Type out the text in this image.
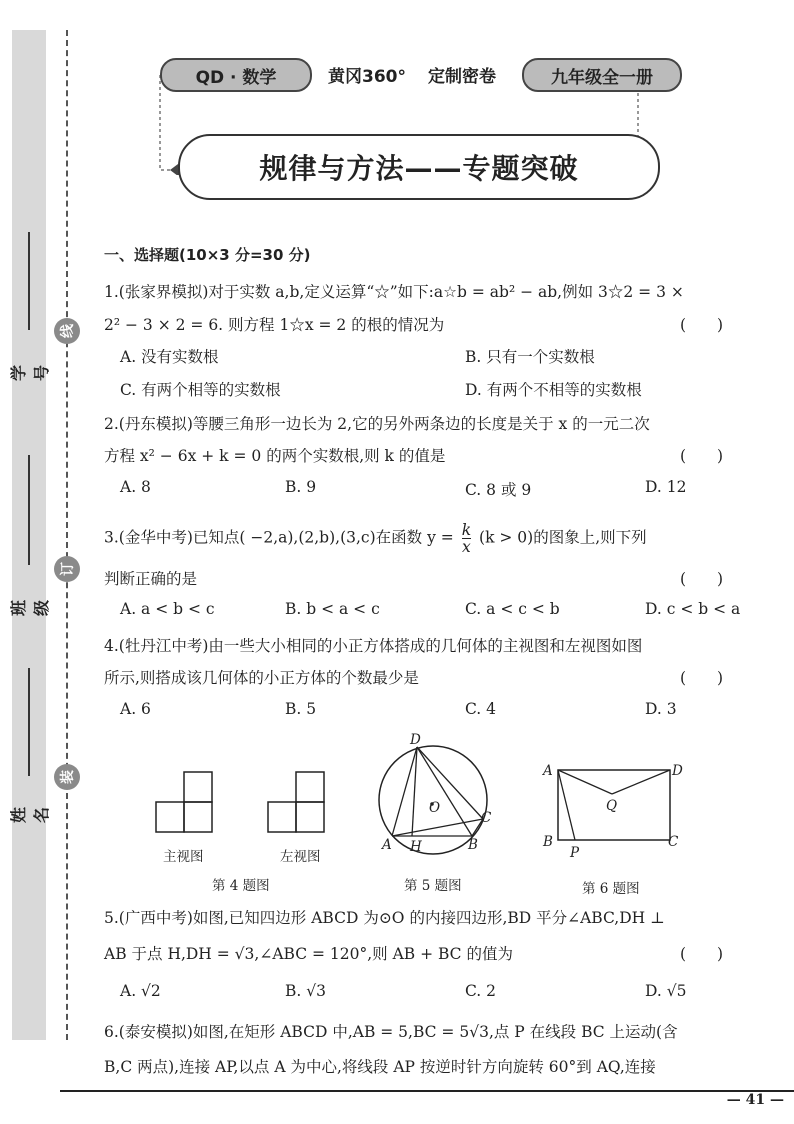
学号
班级
姓名
线
订
装
QD · 数学	黄冈360° 定制密卷	九年级全一册
规律与方法——专题突破
一、选择题(10×3 分=30 分)
1.(张家界模拟)对于实数 a,b,定义运算“☆”如下:a☆b = ab² − ab,例如 3☆2 = 3 ×
2² − 3 × 2 = 6. 则方程 1☆x = 2 的根的情况为	(　　)
A. 没有实数根	B. 只有一个实数根
C. 有两个相等的实数根	D. 有两个不相等的实数根
2.(丹东模拟)等腰三角形一边长为 2,它的另外两条边的长度是关于 x 的一元二次
方程 x² − 6x + k = 0 的两个实数根,则 k 的值是	(　　)
A. 8	B. 9	C. 8 或 9	D. 12
3.(金华中考)已知点( −2,a),(2,b),(3,c)在函数 $y = \frac{k}{x} (k > 0)$的图象上,则下列
判断正确的是	(　　)
A. a < b < c	B. b < a < c	C. a < c < b	D. c < b < a
4.(牡丹江中考)由一些大小相同的小正方体搭成的几何体的主视图和左视图如图
所示,则搭成该几何体的小正方体的个数最少是	(　　)
A. 6	B. 5	C. 4	D. 3
主视图	左视图
第 4 题图
D
O
C
A H	B
第 5 题图
A	D
Q
B
P
C
第 6 题图
5.(广西中考)如图,已知四边形 ABCD 为⊙O 的内接四边形,BD 平分∠ABC,DH ⊥
AB 于点 H,DH = √3,∠ABC = 120°,则 AB + BC 的值为	(　　)
A. √2	B. √3	C. 2	D. √5
6.(泰安模拟)如图,在矩形 ABCD 中,AB = 5,BC = 5√3,点 P 在线段 BC 上运动(含
B,C 两点),连接 AP,以点 A 为中心,将线段 AP 按逆时针方向旋转 60°到 AQ,连接
— 41 —
